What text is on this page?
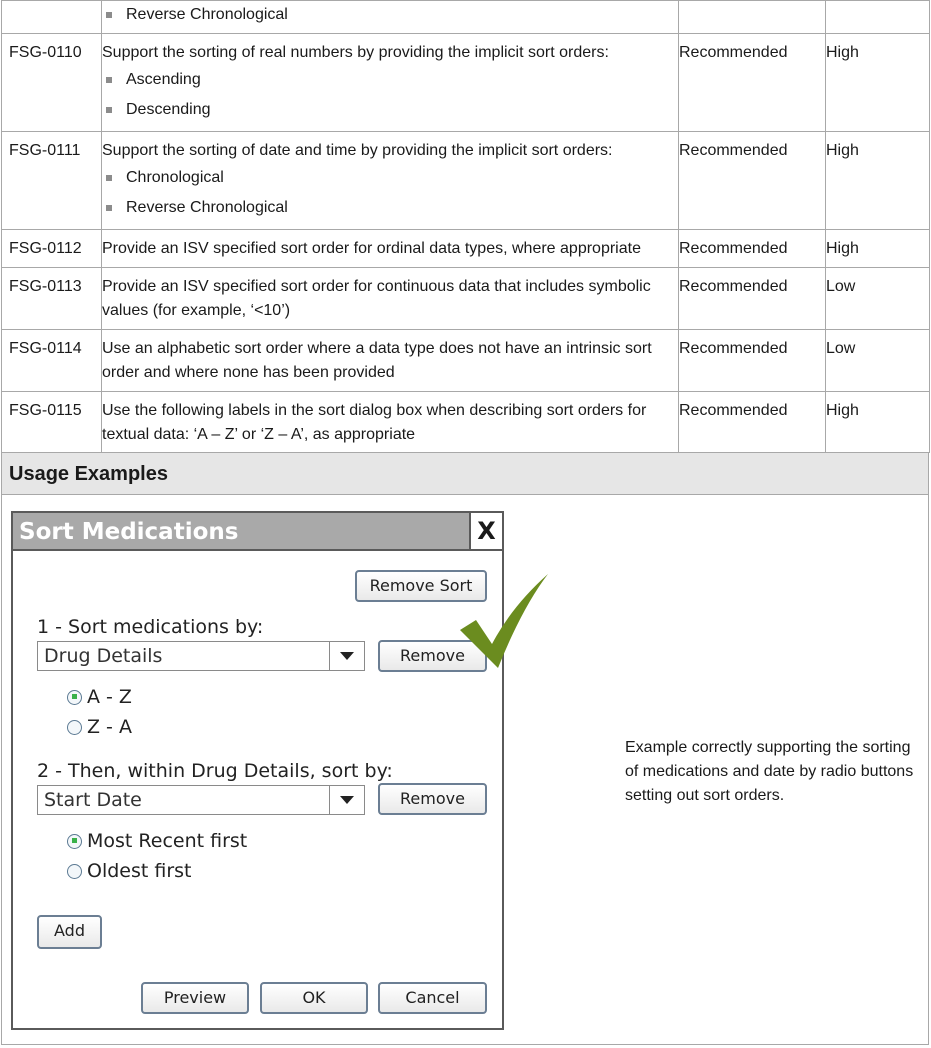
	Reverse Chronological		

FSG-0110	Support the sorting of real numbers by providing the implicit sort orders:
Ascending
Descending	Recommended	High
FSG-0111	Support the sorting of date and time by providing the implicit sort orders:
Chronological
Reverse Chronological	Recommended	High
FSG-0112	Provide an ISV specified sort order for ordinal data types, where appropriate	Recommended	High
FSG-0113	Provide an ISV specified sort order for continuous data that includes symbolic values (for example, ‘<10’)	Recommended	Low
FSG-0114	Use an alphabetic sort order where a data type does not have an intrinsic sort order and where none has been provided	Recommended	Low
FSG-0115	Use the following labels in the sort dialog box when describing sort orders for textual data: ‘A – Z’ or ‘Z – A’, as appropriate	Recommended	High
Usage Examples
Sort Medications	X
Remove Sort
1 - Sort medications by:
Drug Details	Remove
A - Z
Z - A
2 - Then, within Drug Details, sort by:
Start Date	Remove
Most Recent first
Oldest first
Add
Preview	OK	Cancel
Example correctly supporting the sorting of medications and date by radio buttons setting out sort orders.
